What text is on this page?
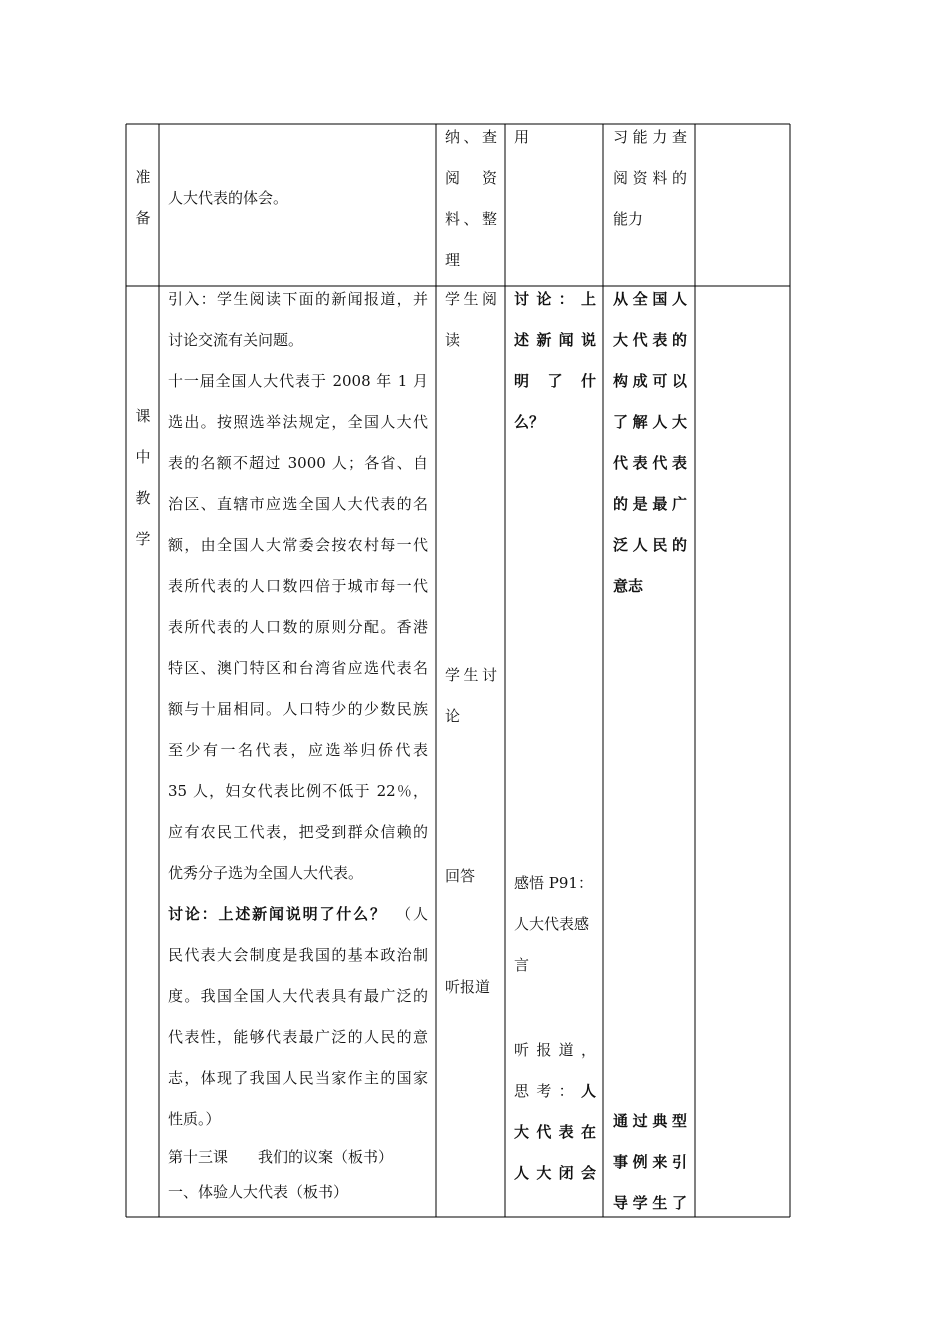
准
备
人大代表的体会。
纳、查
阅　资
料、整
理
用	习能力查
阅资料的
能力
课
中
教
学
引入：学生阅读下面的新闻报道，并
讨论交流有关问题。
十一届全国人大代表于 2008 年 1 月
选出。按照选举法规定，全国人大代
表的名额不超过 3000 人；各省、自
治区、直辖市应选全国人大代表的名
额，由全国人大常委会按农村每一代
表所代表的人口数四倍于城市每一代
表所代表的人口数的原则分配。香港
特区、澳门特区和台湾省应选代表名
额与十届相同。人口特少的少数民族
至少有一名代表，应选举归侨代表
35 人，妇女代表比例不低于 22％，
应有农民工代表，把受到群众信赖的
优秀分子选为全国人大代表。
讨论：上述新闻说明了什么？　 （人
民代表大会制度是我国的基本政治制
度。我国全国人大代表具有最广泛的
代表性，能够代表最广泛的人民的意
志，体现了我国人民当家作主的国家
性质。）
第十三课 我们的议案（板书）
一、体验人大代表（板书）
学生阅
读
学生讨
论
回答
听报道
讨 论 ： 上
述 新 闻 说
明　了　什
么？
感悟 P91：
人大代表感
言
听 报 道 ，
思 考 ： 人
大 代 表 在
人 大 闭 会
从全国人
大代表的
构成可以
了解人大
代表代表
的是最广
泛人民的
意志
通过典型
事例来引
导学生了
